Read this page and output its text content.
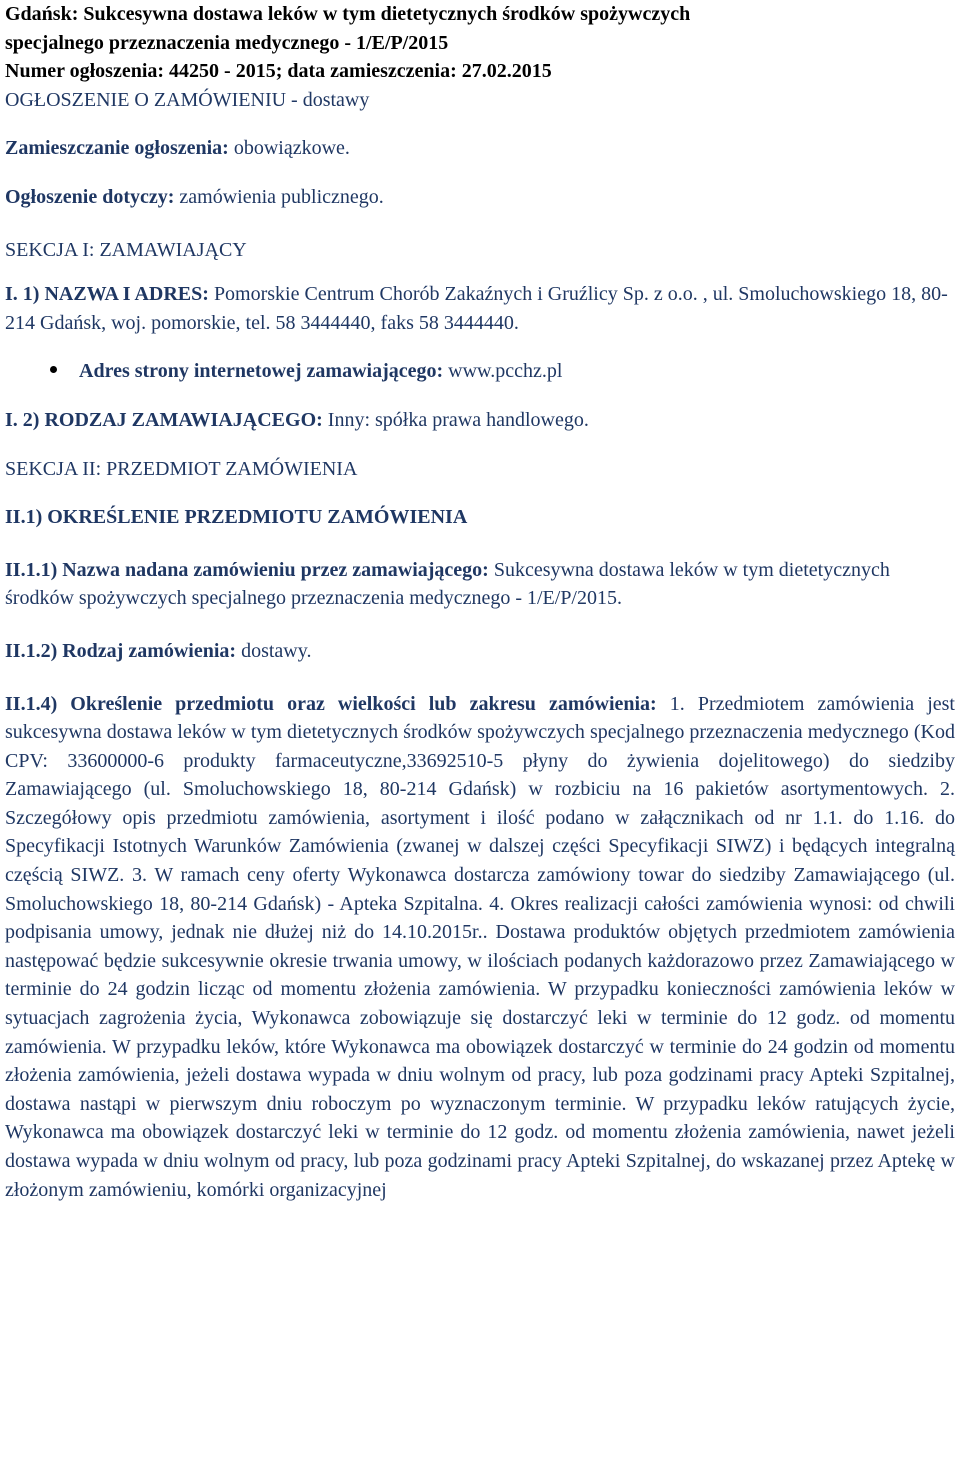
Gdańsk: Sukcesywna dostawa leków w tym dietetycznych środków spożywczych
specjalnego przeznaczenia medycznego - 1/E/P/2015
Numer ogłoszenia: 44250 - 2015; data zamieszczenia: 27.02.2015

OGŁOSZENIE O ZAMÓWIENIU - dostawy

Zamieszczanie ogłoszenia: obowiązkowe.

Ogłoszenie dotyczy: zamówienia publicznego.

SEKCJA I: ZAMAWIAJĄCY

I. 1) NAZWA I ADRES: Pomorskie Centrum Chorób Zakaźnych i Gruźlicy Sp. z o.o. , ul. Smoluchowskiego 18, 80-214 Gdańsk, woj. pomorskie, tel. 58 3444440, faks 58 3444440.

Adres strony internetowej zamawiającego: www.pcchz.pl

I. 2) RODZAJ ZAMAWIAJĄCEGO: Inny: spółka prawa handlowego.

SEKCJA II: PRZEDMIOT ZAMÓWIENIA

II.1) OKREŚLENIE PRZEDMIOTU ZAMÓWIENIA

II.1.1) Nazwa nadana zamówieniu przez zamawiającego: Sukcesywna dostawa leków w tym dietetycznych środków spożywczych specjalnego przeznaczenia medycznego - 1/E/P/2015.

II.1.2) Rodzaj zamówienia: dostawy.

II.1.4) Określenie przedmiotu oraz wielkości lub zakresu zamówienia: 1. Przedmiotem zamówienia jest sukcesywna dostawa leków w tym dietetycznych środków spożywczych specjalnego przeznaczenia medycznego (Kod CPV: 33600000-6 produkty farmaceutyczne,33692510-5 płyny do żywienia dojelitowego) do siedziby Zamawiającego (ul. Smoluchowskiego 18, 80-214 Gdańsk) w rozbiciu na 16 pakietów asortymentowych. 2. Szczegółowy opis przedmiotu zamówienia, asortyment i ilość podano w załącznikach od nr 1.1. do 1.16. do Specyfikacji Istotnych Warunków Zamówienia (zwanej w dalszej części Specyfikacji SIWZ) i będących integralną częścią SIWZ. 3. W ramach ceny oferty Wykonawca dostarcza zamówiony towar do siedziby Zamawiającego (ul. Smoluchowskiego 18, 80-214 Gdańsk) - Apteka Szpitalna. 4. Okres realizacji całości zamówienia wynosi: od chwili podpisania umowy, jednak nie dłużej niż do 14.10.2015r.. Dostawa produktów objętych przedmiotem zamówienia następować będzie sukcesywnie okresie trwania umowy, w ilościach podanych każdorazowo przez Zamawiającego w terminie do 24 godzin licząc od momentu złożenia zamówienia. W przypadku konieczności zamówienia leków w sytuacjach zagrożenia życia, Wykonawca zobowiązuje się dostarczyć leki w terminie do 12 godz. od momentu zamówienia. W przypadku leków, które Wykonawca ma obowiązek dostarczyć w terminie do 24 godzin od momentu złożenia zamówienia, jeżeli dostawa wypada w dniu wolnym od pracy, lub poza godzinami pracy Apteki Szpitalnej, dostawa nastąpi w pierwszym dniu roboczym po wyznaczonym terminie. W przypadku leków ratujących życie, Wykonawca ma obowiązek dostarczyć leki w terminie do 12 godz. od momentu złożenia zamówienia, nawet jeżeli dostawa wypada w dniu wolnym od pracy, lub poza godzinami pracy Apteki Szpitalnej, do wskazanej przez Aptekę w złożonym zamówieniu, komórki organizacyjnej
